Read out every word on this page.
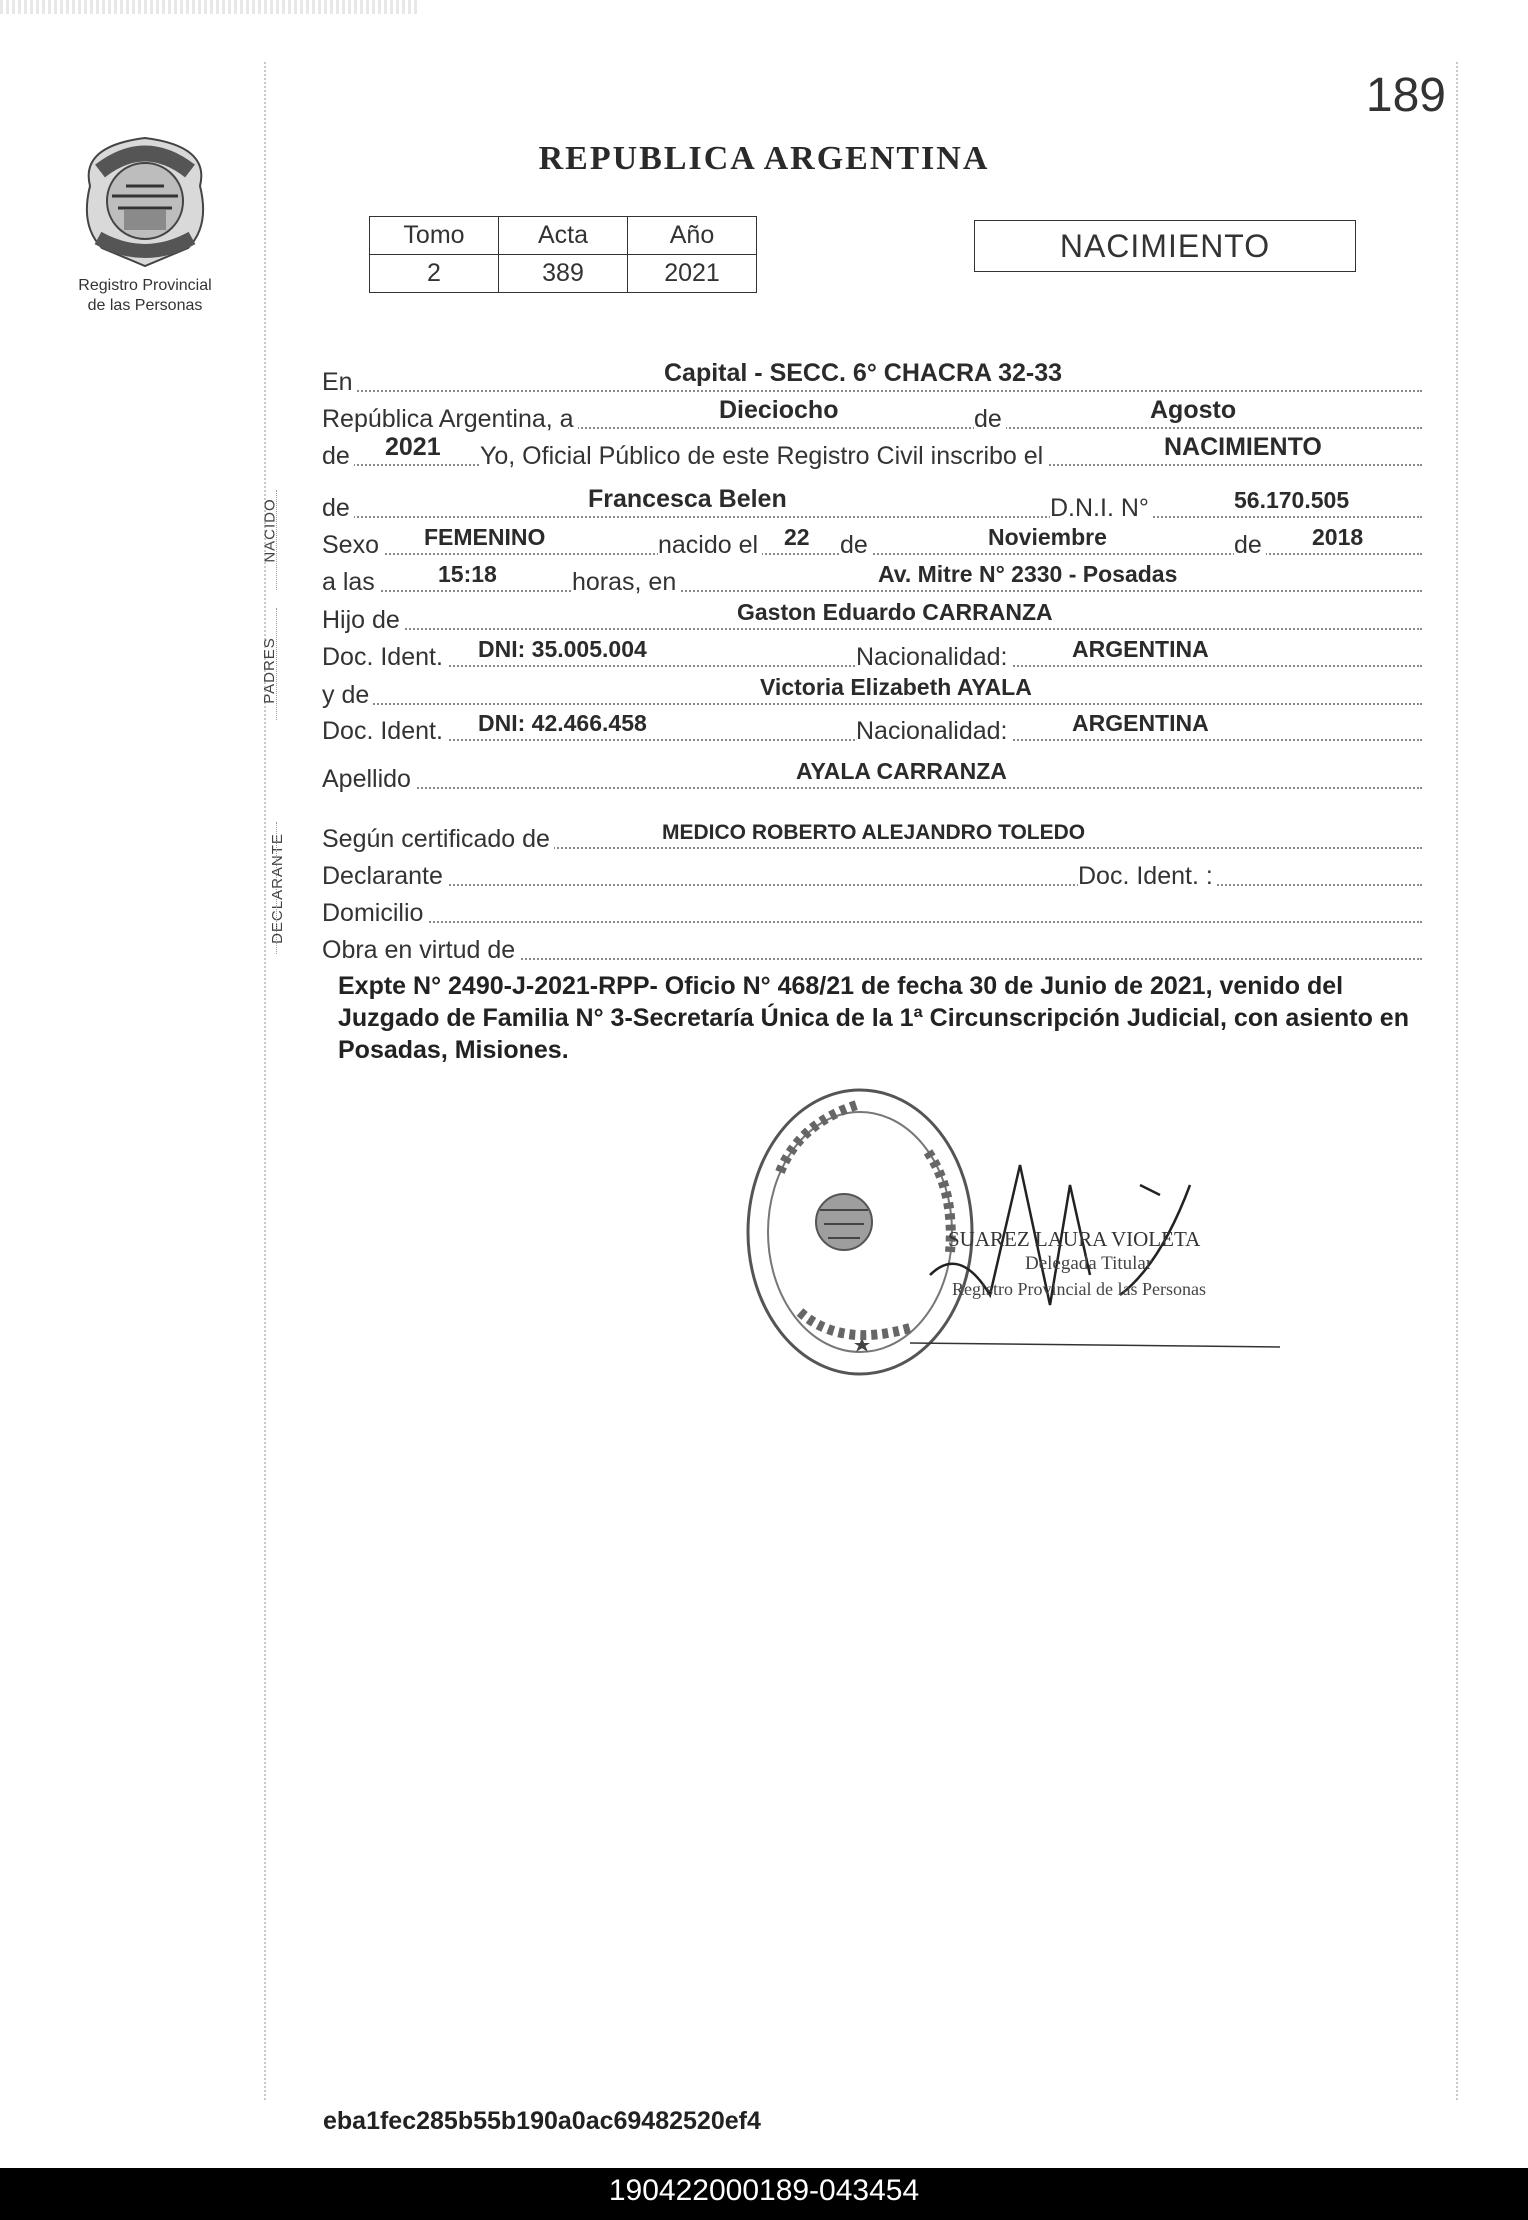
189
Registro Provincial
de las Personas
REPUBLICA ARGENTINA
Tomo	Acta	Año
2	389	2021
NACIMIENTO
NACIDO
PADRES
DECLARANTE
En	Capital - SECC. 6° CHACRA 32-33
República Argentina, a	Dieciocho	de	Agosto
de 2021 Yo, Oficial Público de este Registro Civil inscribo el	NACIMIENTO
de	Francesca Belen	D.N.I. N°	56.170.505
Sexo FEMENINO	nacido el 22 de	Noviembre	de 2018
a las	15:18	horas, en	Av. Mitre N° 2330 - Posadas
Hijo de	Gaston Eduardo CARRANZA
Doc. Ident. DNI: 35.005.004	Nacionalidad:	ARGENTINA
y de	Victoria Elizabeth AYALA
Doc. Ident. DNI: 42.466.458	Nacionalidad:	ARGENTINA
Apellido	AYALA CARRANZA
Según certificado de	MEDICO ROBERTO ALEJANDRO TOLEDO
Declarante	Doc. Ident. :
Domicilio
Obra en virtud de
Expte N° 2490-J-2021-RPP- Oficio N° 468/21 de fecha 30 de Junio de 2021, venido del Juzgado de Familia N° 3-Secretaría Única de la 1ª Circunscripción Judicial, con asiento en Posadas, Misiones.
SUAREZ LAURA VIOLETA
Delegada Titular
Registro Provincial de las Personas
eba1fec285b55b190a0ac69482520ef4
190422000189-043454
